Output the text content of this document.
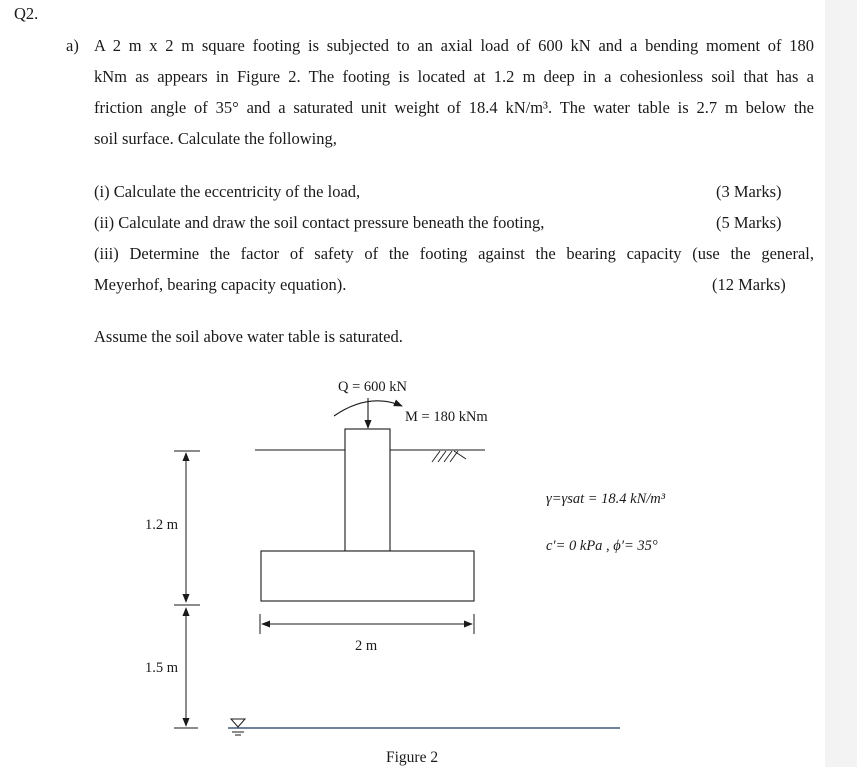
Q2.
a) A 2 m x 2 m square footing is subjected to an axial load of 600 kN and a bending moment of 180
kNm as appears in Figure 2. The footing is located at 1.2 m deep in a cohesionless soil that has a
friction angle of 35° and a saturated unit weight of 18.4 kN/m³. The water table is 2.7 m below the
soil surface. Calculate the following,
(i) Calculate the eccentricity of the load,	(3 Marks)
(ii) Calculate and draw the soil contact pressure beneath the footing,	(5 Marks)
(iii) Determine the factor of safety of the footing against the bearing capacity (use the general,
Meyerhof, bearing capacity equation).	(12 Marks)
Assume the soil above water table is saturated.
Q = 600 kN
M = 180 kNm
2 m
1.2 m
1.5 m
γ=γsat = 18.4 kN/m³
c′= 0 kPa , ϕ′= 35°
Figure 2
